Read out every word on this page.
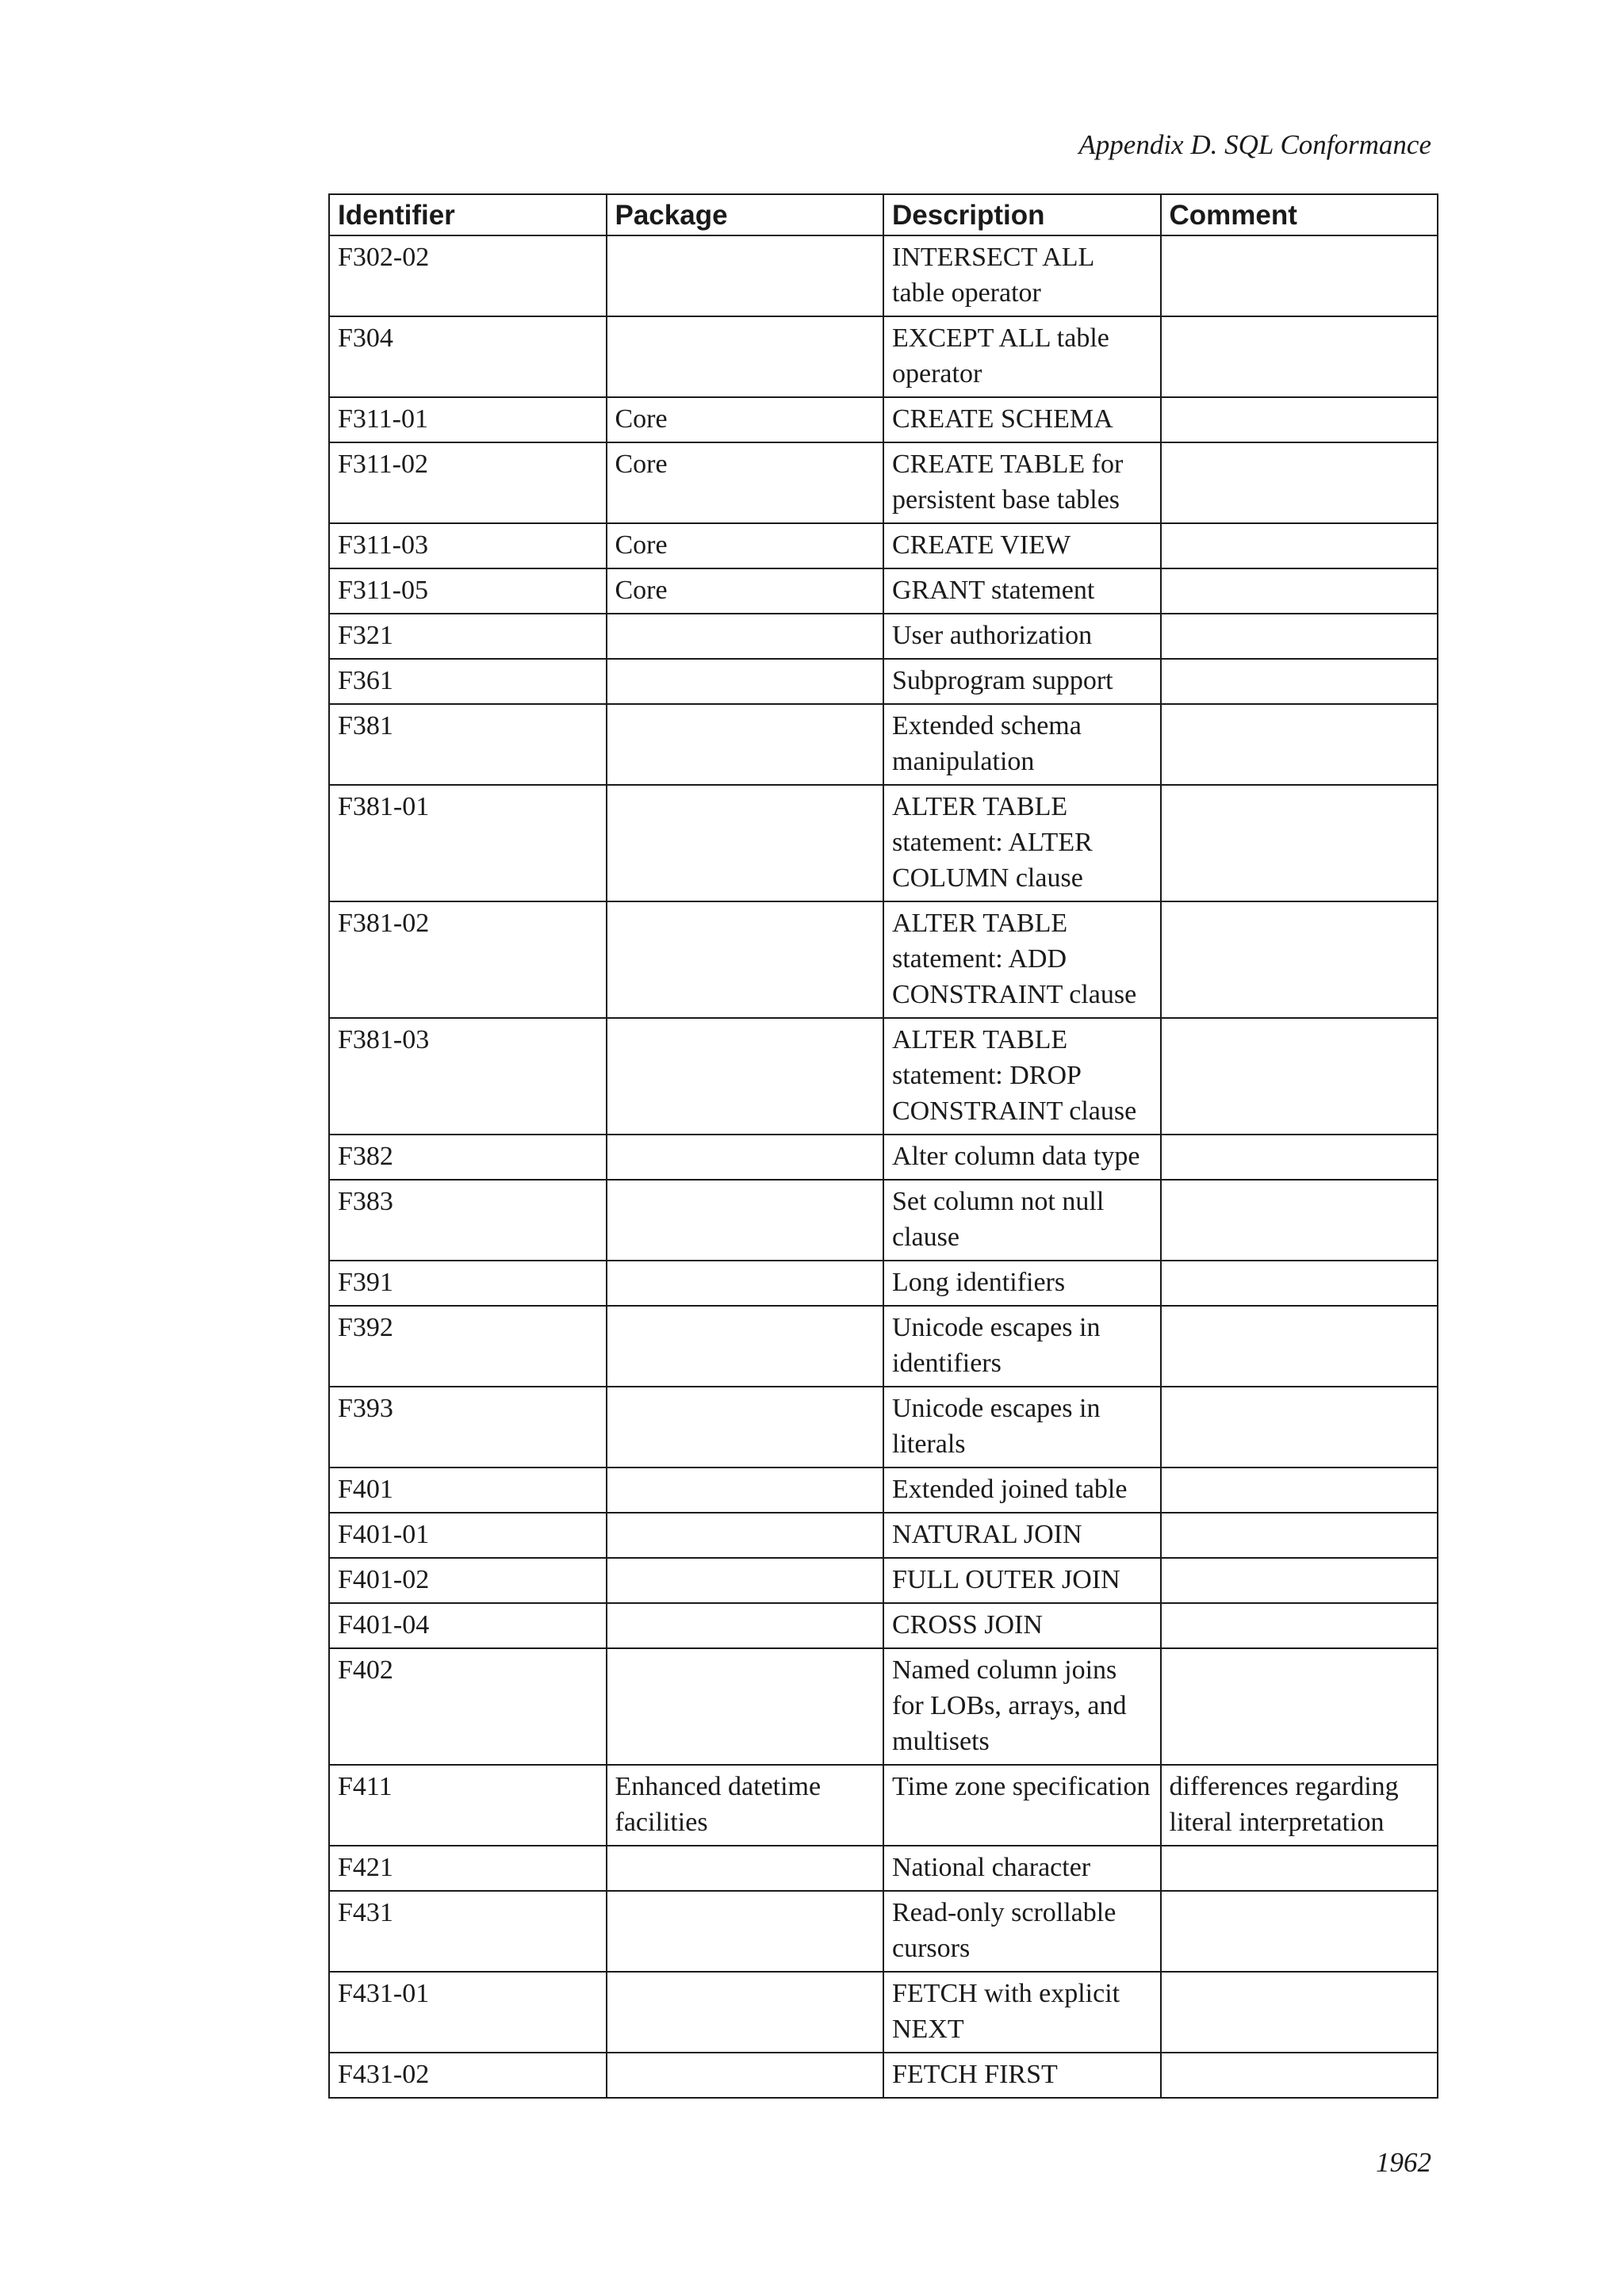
Appendix D. SQL Conformance
Identifier	Package	Description	Comment
F302-02		INTERSECT ALL table operator	
F304		EXCEPT ALL table operator	
F311-01	Core	CREATE SCHEMA	
F311-02	Core	CREATE TABLE for persistent base tables	
F311-03	Core	CREATE VIEW	
F311-05	Core	GRANT statement	
F321		User authorization	
F361		Subprogram support	
F381		Extended schema manipulation	
F381-01		ALTER TABLE statement: ALTER COLUMN clause	
F381-02		ALTER TABLE statement: ADD CONSTRAINT clause	
F381-03		ALTER TABLE statement: DROP CONSTRAINT clause	
F382		Alter column data type	
F383		Set column not null clause	
F391		Long identifiers	
F392		Unicode escapes in identifiers	
F393		Unicode escapes in literals	
F401		Extended joined table	
F401-01		NATURAL JOIN	
F401-02		FULL OUTER JOIN	
F401-04		CROSS JOIN	
F402		Named column joins for LOBs, arrays, and multisets	
F411	Enhanced datetime facilities	Time zone specification	differences regarding literal interpretation
F421		National character	
F431		Read-only scrollable cursors	
F431-01		FETCH with explicit NEXT	
F431-02		FETCH FIRST	
1962
